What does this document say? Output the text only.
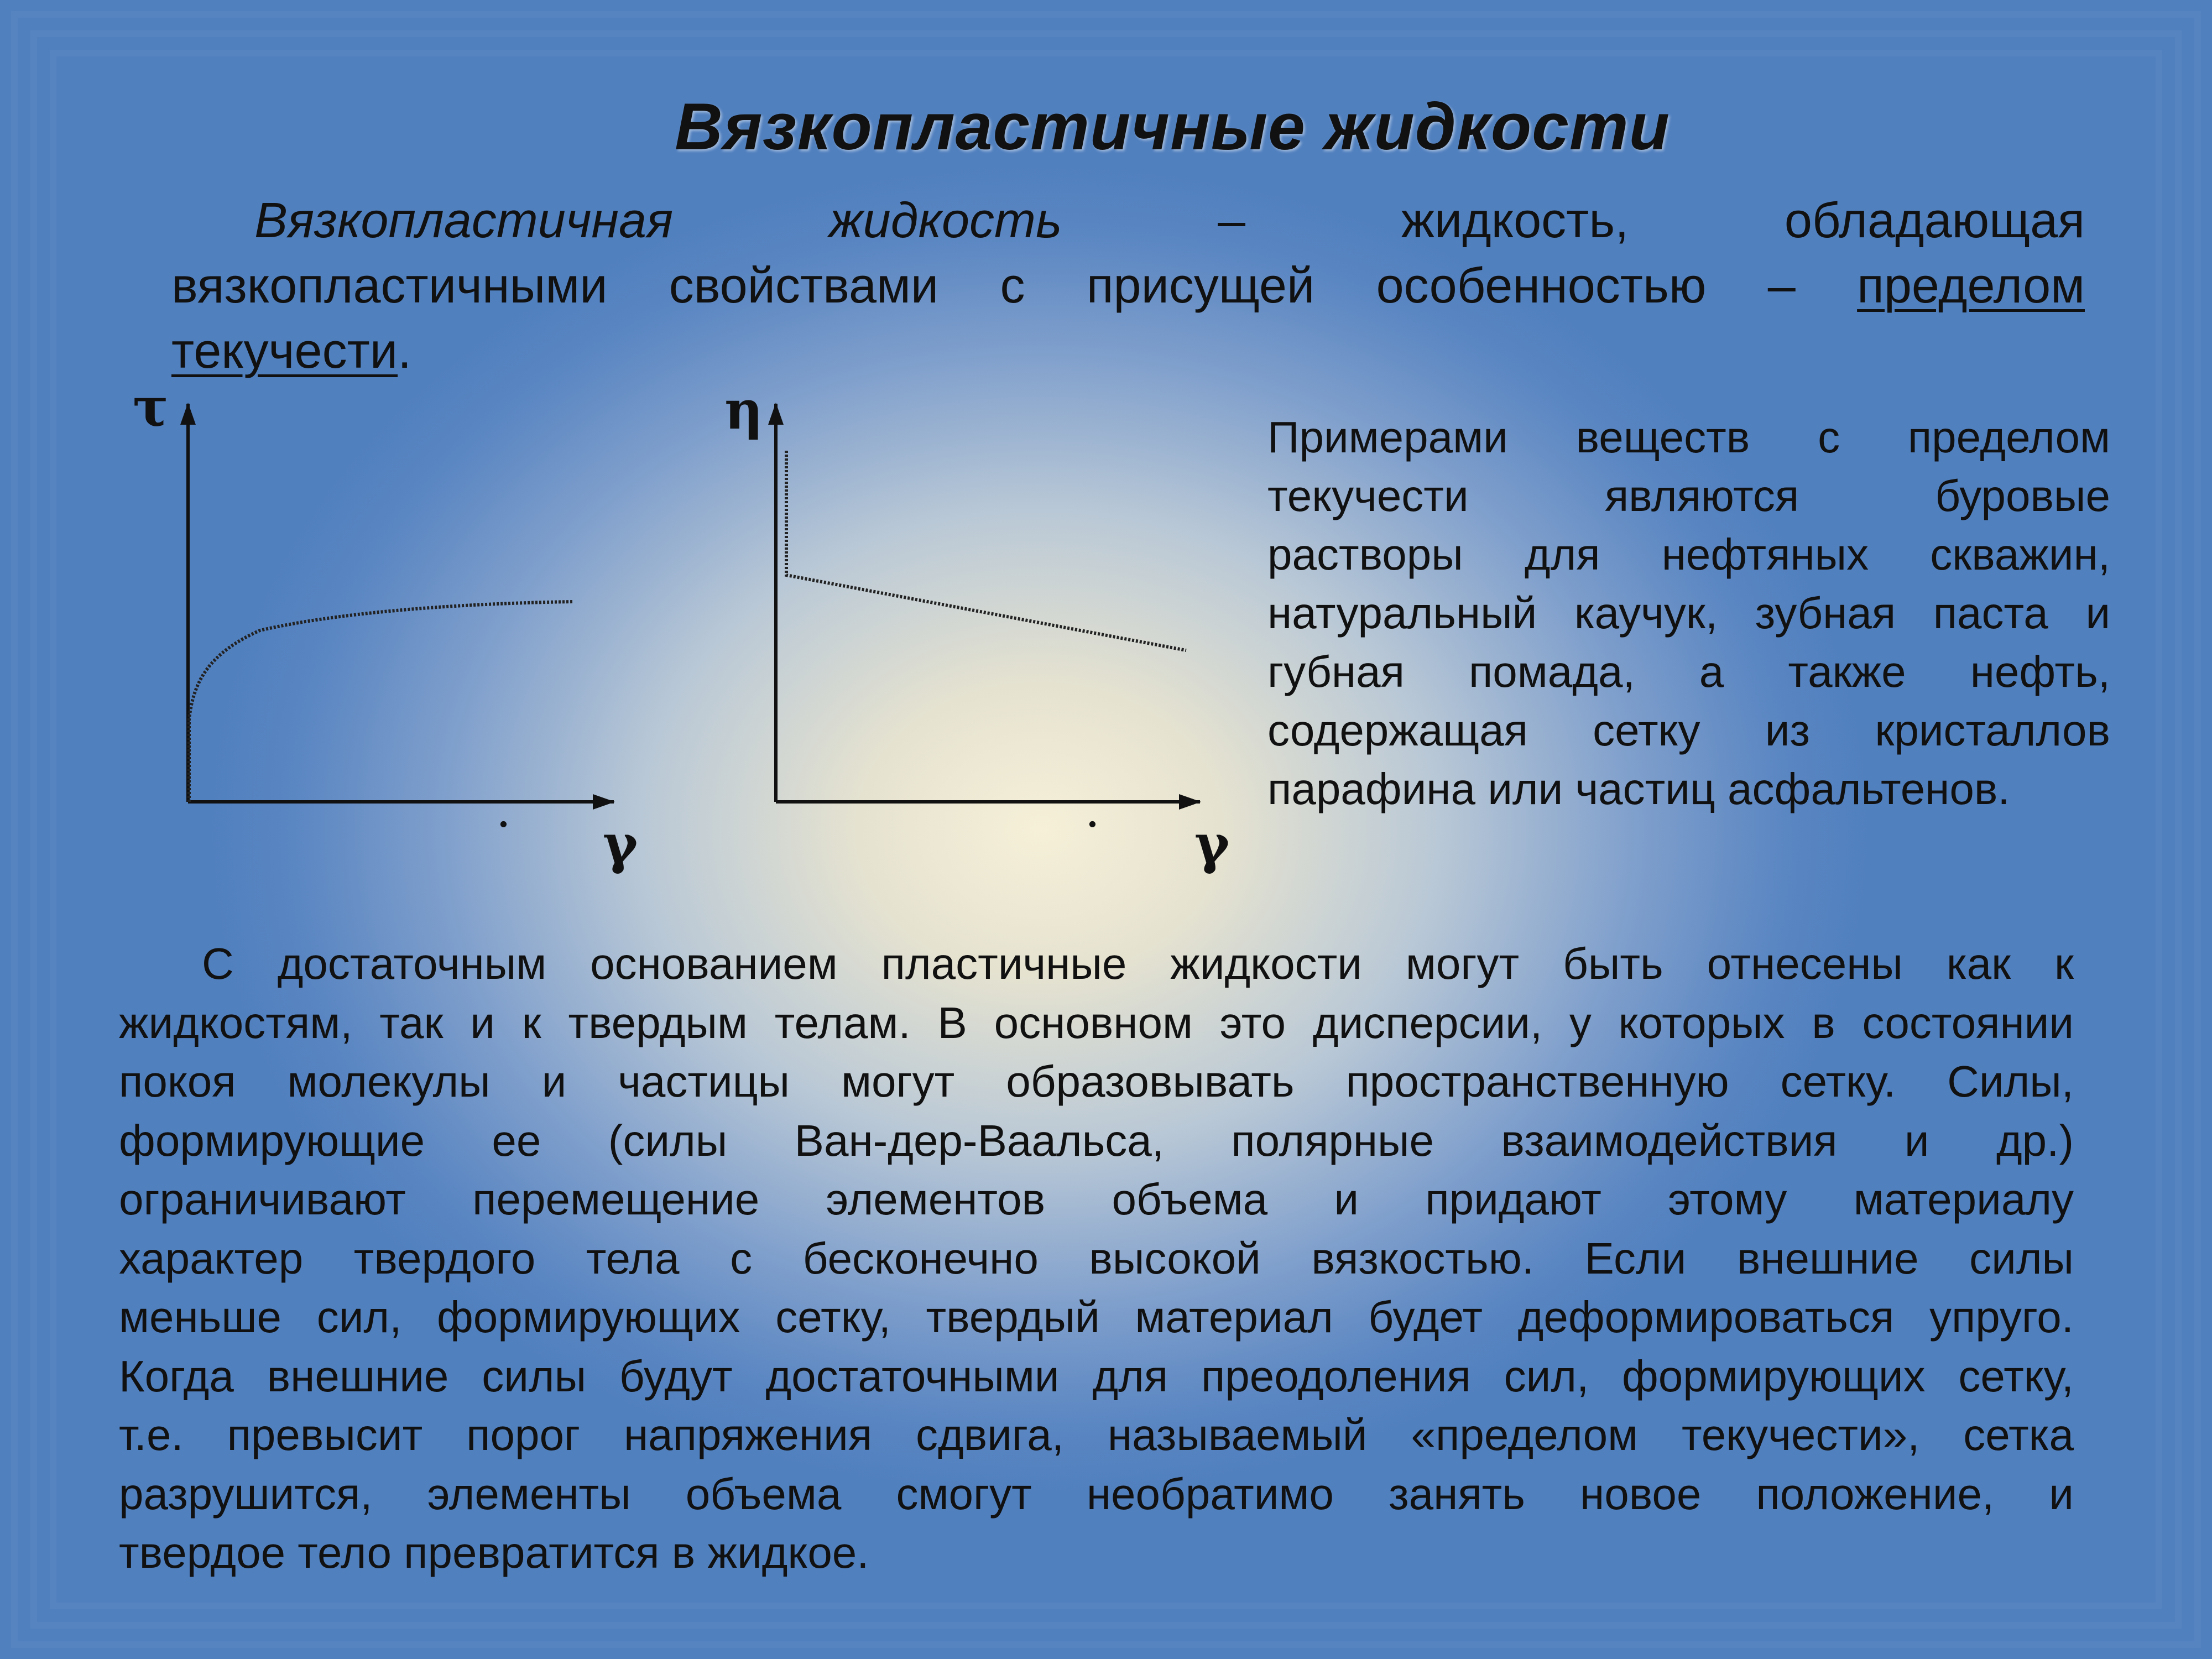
Вязкопластичные жидкости
Вязкопластичная	жидкость	–	жидкость,	обладающая
вязкопластичными свойствами с присущей особенностью – пределом
текучести.
τ
γ
.
η
γ
.
Примерами веществ с пределом
текучести являются буровые
растворы для нефтяных скважин,
натуральный каучук, зубная паста и
губная помада, а также нефть,
содержащая сетку из кристаллов
парафина или частиц асфальтенов.
С достаточным основанием пластичные жидкости могут быть отнесены как к
жидкостям, так и к твердым телам. В основном это дисперсии, у которых в состоянии
покоя молекулы и частицы могут образовывать пространственную сетку. Силы,
формирующие ее (силы Ван-дер-Ваальса, полярные взаимодействия и др.)
ограничивают перемещение элементов объема и придают этому материалу
характер твердого тела с бесконечно высокой вязкостью. Если внешние силы
меньше сил, формирующих сетку, твердый материал будет деформироваться упруго.
Когда внешние силы будут достаточными для преодоления сил, формирующих сетку,
т.е. превысит порог напряжения сдвига, называемый «пределом текучести», сетка
разрушится, элементы объема смогут необратимо занять новое положение, и
твердое тело превратится в жидкое.
